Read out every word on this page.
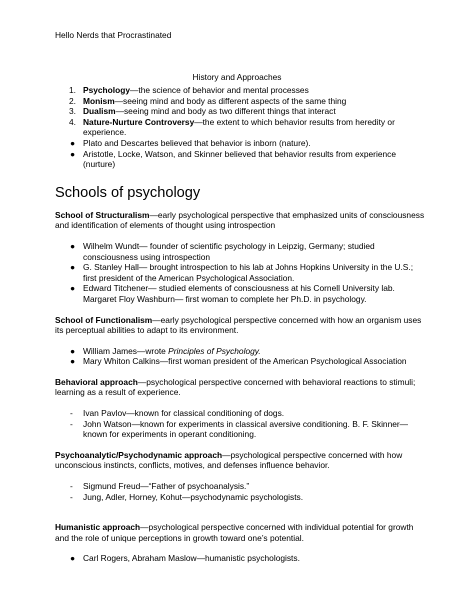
Hello Nerds that Procrastinated
History and Approaches
1. Psychology—the science of behavior and mental processes
2. Monism—seeing mind and body as different aspects of the same thing
3. Dualism—seeing mind and body as two different things that interact
4. Nature-Nurture Controversy—the extent to which behavior results from heredity or experience.
● Plato and Descartes believed that behavior is inborn (nature).
● Aristotle, Locke, Watson, and Skinner believed that behavior results from experience (nurture)
Schools of psychology
School of Structuralism—early psychological perspective that emphasized units of consciousness and identification of elements of thought using introspection
● Wilhelm Wundt— founder of scientific psychology in Leipzig, Germany; studied consciousness using introspection
● G. Stanley Hall— brought introspection to his lab at Johns Hopkins University in the U.S.; first president of the American Psychological Association.
● Edward Titchener— studied elements of consciousness at his Cornell University lab. Margaret Floy Washburn— first woman to complete her Ph.D. in psychology.
School of Functionalism—early psychological perspective concerned with how an organism uses its perceptual abilities to adapt to its environment.
● William James—wrote Principles of Psychology.
● Mary Whiton Calkins—first woman president of the American Psychological Association
Behavioral approach—psychological perspective concerned with behavioral reactions to stimuli; learning as a result of experience.
- Ivan Pavlov—known for classical conditioning of dogs.
- John Watson—known for experiments in classical aversive conditioning. B. F. Skinner—known for experiments in operant conditioning.
Psychoanalytic/Psychodynamic approach—psychological perspective concerned with how unconscious instincts, conflicts, motives, and defenses influence behavior.
- Sigmund Freud—“Father of psychoanalysis.”
- Jung, Adler, Horney, Kohut—psychodynamic psychologists.
Humanistic approach—psychological perspective concerned with individual potential for growth and the role of unique perceptions in growth toward one’s potential.
● Carl Rogers, Abraham Maslow—humanistic psychologists.
